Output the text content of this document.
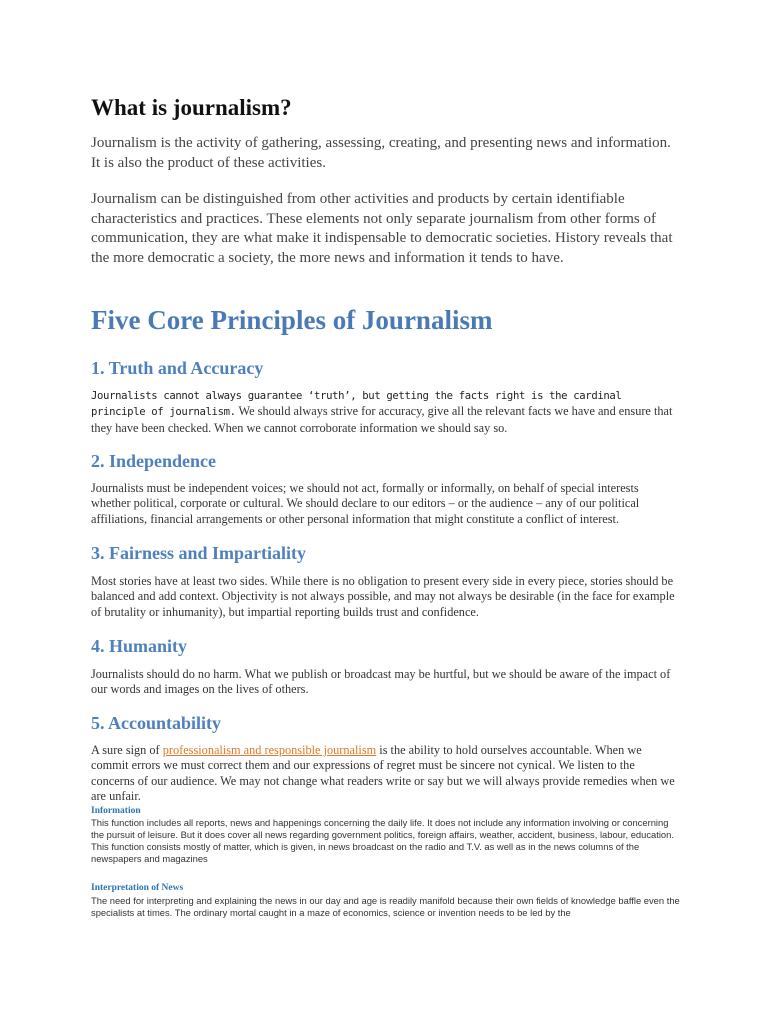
What is journalism?

Journalism is the activity of gathering, assessing, creating, and presenting news and information. It is also the product of these activities.

Journalism can be distinguished from other activities and products by certain identifiable characteristics and practices. These elements not only separate journalism from other forms of communication, they are what make it indispensable to democratic societies. History reveals that the more democratic a society, the more news and information it tends to have.

Five Core Principles of Journalism
1. Truth and Accuracy

Journalists cannot always guarantee ‘truth’, but getting the facts right is the cardinal principle of journalism. We should always strive for accuracy, give all the relevant facts we have and ensure that they have been checked. When we cannot corroborate information we should say so.

2. Independence

Journalists must be independent voices; we should not act, formally or informally, on behalf of special interests whether political, corporate or cultural. We should declare to our editors – or the audience – any of our political affiliations, financial arrangements or other personal information that might constitute a conflict of interest.

3. Fairness and Impartiality

Most stories have at least two sides. While there is no obligation to present every side in every piece, stories should be balanced and add context. Objectivity is not always possible, and may not always be desirable (in the face for example of brutality or inhumanity), but impartial reporting builds trust and confidence.

4. Humanity

Journalists should do no harm. What we publish or broadcast may be hurtful, but we should be aware of the impact of our words and images on the lives of others.

5. Accountability

A sure sign of professionalism and responsible journalism is the ability to hold ourselves accountable. When we commit errors we must correct them and our expressions of regret must be sincere not cynical. We listen to the concerns of our audience. We may not change what readers write or say but we will always provide remedies when we are unfair.

Information

This function includes all reports, news and happenings concerning the daily life. It does not include any information involving or concerning the pursuit of leisure. But it does cover all news regarding government politics, foreign affairs, weather, accident, business, labour, education. This function consists mostly of matter, which is given, in news broadcast on the radio and T.V. as well as in the news columns of the newspapers and magazines

Interpretation of News

The need for interpreting and explaining the news in our day and age is readily manifold because their own fields of knowledge baffle even the specialists at times. The ordinary mortal caught in a maze of economics, science or invention needs to be led by the
